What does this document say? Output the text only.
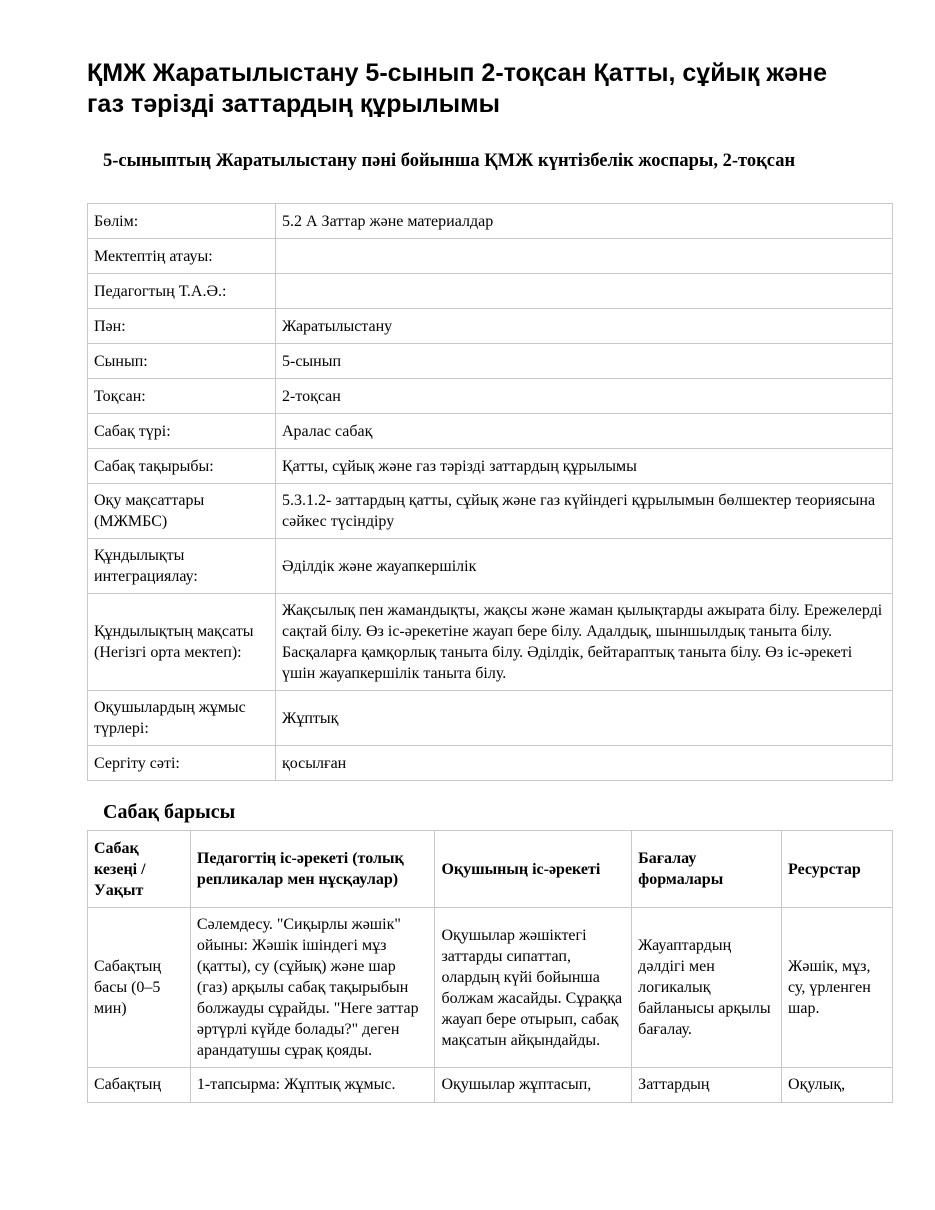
ҚМЖ Жаратылыстану 5-сынып 2-тоқсан Қатты, сұйық және газ тәрізді заттардың құрылымы
5-сыныптың Жаратылыстану пәні бойынша ҚМЖ күнтізбелік жоспары, 2-тоқсан
Бөлім:	5.2 А Заттар және материалдар
Мектептің атауы:	
Педагогтың Т.А.Ә.:	
Пән:	Жаратылыстану
Сынып:	5-сынып
Тоқсан:	2-тоқсан
Сабақ түрі:	Аралас сабақ
Сабақ тақырыбы:	Қатты, сұйық және газ тәрізді заттардың құрылымы
Оқу мақсаттары (МЖМБС)	5.3.1.2- заттардың қатты, сұйық және газ күйіндегі құрылымын бөлшектер теориясына сәйкес түсіндіру
Құндылықты интеграциялау:	Әділдік және жауапкершілік
Құндылықтың мақсаты (Негізгі орта мектеп):	Жақсылық пен жамандықты, жақсы және жаман қылықтарды ажырата білу. Ережелерді сақтай білу. Өз іс-әрекетіне жауап бере білу. Адалдық, шыншылдық таныта білу. Басқаларға қамқорлық таныта білу. Әділдік, бейтараптық таныта білу. Өз іс-әрекеті үшін жауапкершілік таныта білу.
Оқушылардың жұмыс түрлері:	Жұптық
Сергіту сәті:	қосылған
Сабақ барысы
Сабақ кезеңі / Уақыт	Педагогтің іс-әрекеті (толық репликалар мен нұсқаулар)	Оқушының іс-әрекеті	Бағалау формалары	Ресурстар
Сабақтың басы (0–5 мин)	Сәлемдесу. "Сиқырлы жәшік" ойыны: Жәшік ішіндегі мұз (қатты), су (сұйық) және шар (газ) арқылы сабақ тақырыбын болжауды сұрайды. "Неге заттар әртүрлі күйде болады?" деген арандатушы сұрақ қояды.	Оқушылар жәшіктегі заттарды сипаттап, олардың күйі бойынша болжам жасайды. Сұраққа жауап бере отырып, сабақ мақсатын айқындайды.	Жауаптардың дәлдігі мен логикалық байланысы арқылы бағалау.	Жәшік, мұз, су, үрленген шар.
Сабақтың	1-тапсырма: Жұптық жұмыс.	Оқушылар жұптасып,	Заттардың	Оқулық,
